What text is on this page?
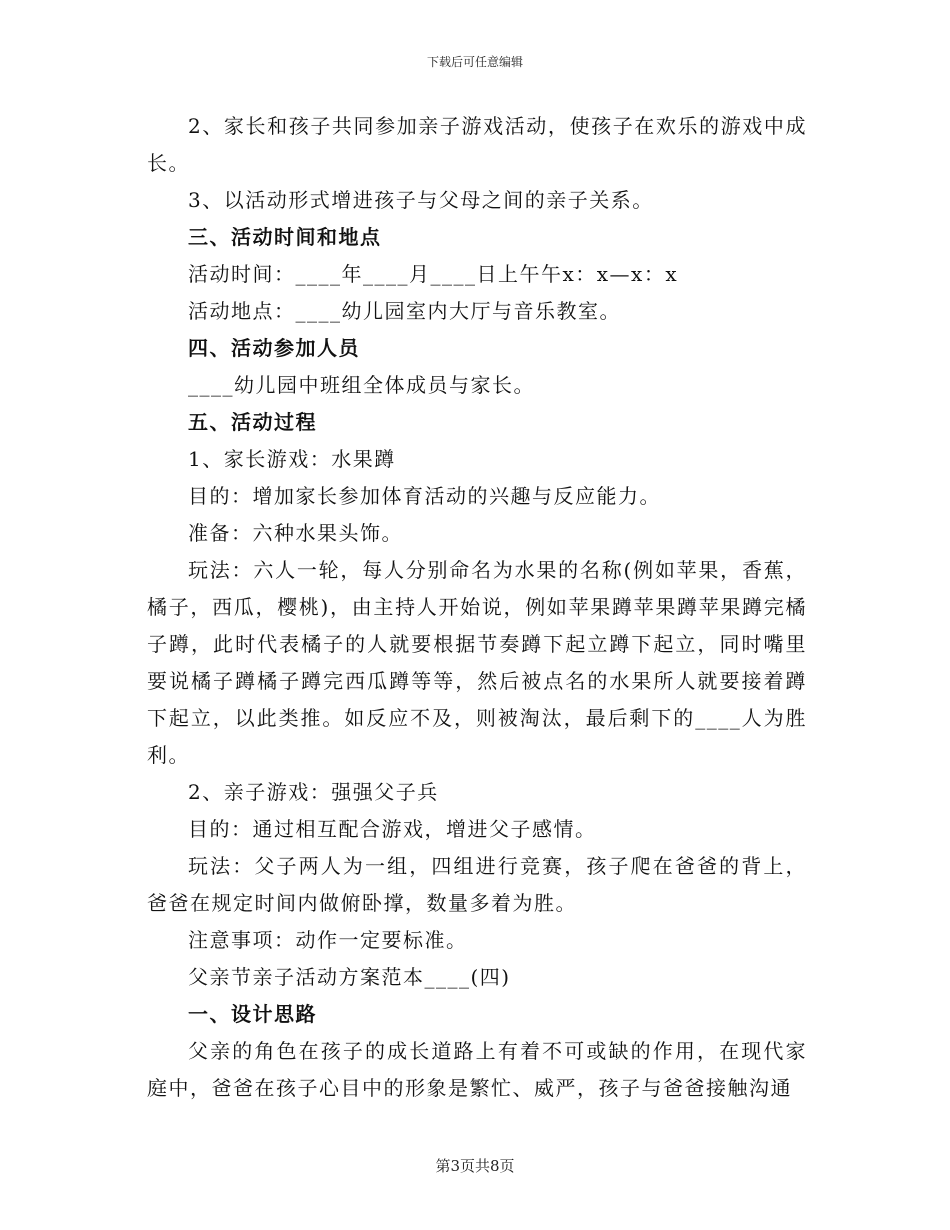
下载后可任意编辑

2、家长和孩子共同参加亲子游戏活动，使孩子在欢乐的游戏中成长。

3、以活动形式增进孩子与父母之间的亲子关系。

三、活动时间和地点

活动时间：____年____月____日上午午x：x—x：x

活动地点：____幼儿园室内大厅与音乐教室。

四、活动参加人员

____幼儿园中班组全体成员与家长。

五、活动过程

1、家长游戏：水果蹲

目的：增加家长参加体育活动的兴趣与反应能力。

准备：六种水果头饰。

玩法：六人一轮，每人分别命名为水果的名称(例如苹果，香蕉，橘子，西瓜，樱桃)，由主持人开始说，例如苹果蹲苹果蹲苹果蹲完橘子蹲，此时代表橘子的人就要根据节奏蹲下起立蹲下起立，同时嘴里要说橘子蹲橘子蹲完西瓜蹲等等，然后被点名的水果所人就要接着蹲下起立，以此类推。如反应不及，则被淘汰，最后剩下的____人为胜利。

2、亲子游戏：强强父子兵

目的：通过相互配合游戏，增进父子感情。

玩法：父子两人为一组，四组进行竞赛，孩子爬在爸爸的背上，爸爸在规定时间内做俯卧撑，数量多着为胜。

注意事项：动作一定要标准。

父亲节亲子活动方案范本____(四)

一、设计思路

父亲的角色在孩子的成长道路上有着不可或缺的作用，在现代家庭中，爸爸在孩子心目中的形象是繁忙、威严，孩子与爸爸接触沟通

第3页共8页
